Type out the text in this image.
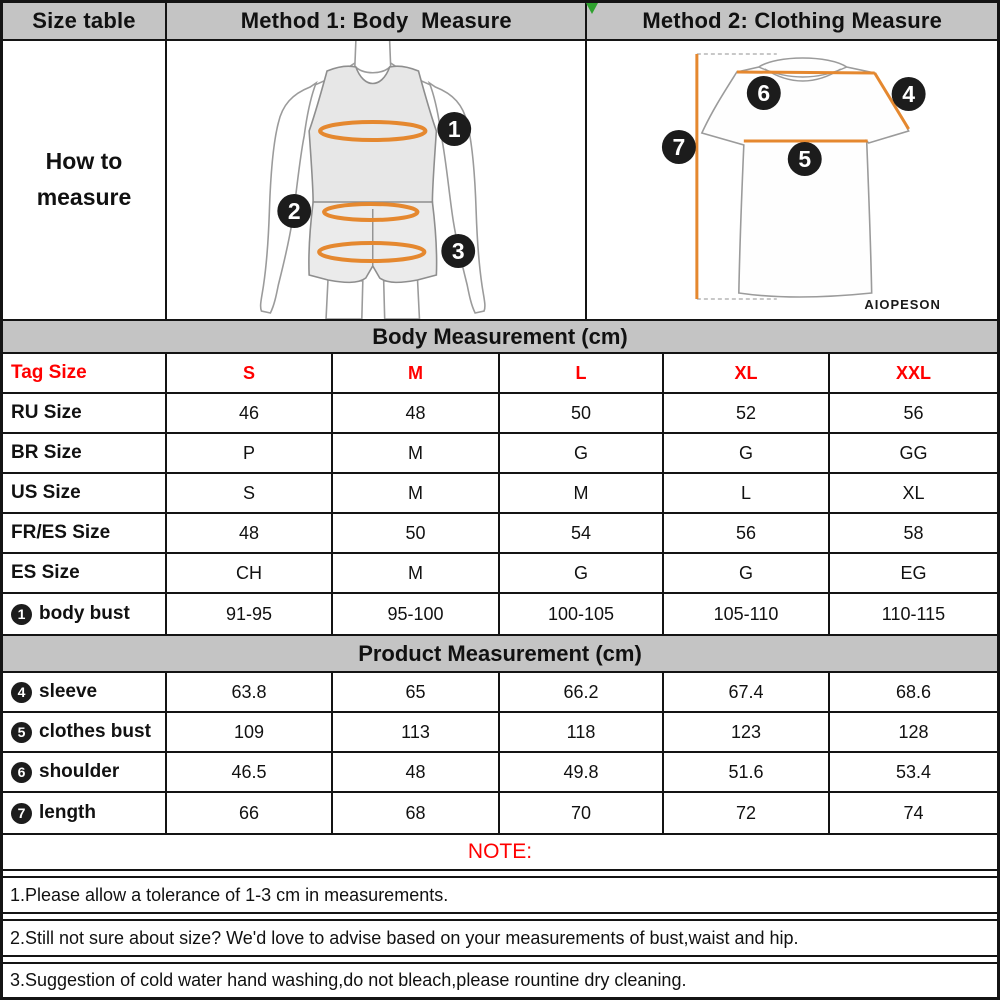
Size table	Method 1: Body  Measure	Method 2: Clothing Measure
How to measure
1
2
3
6	4
5
7
AIOPESON
Body Measurement (cm)
Tag Size	S	M	L	XL	XXL
RU Size	46	48	50	52	56
BR Size	P	M	G	G	GG
US Size	S	M	M	L	XL
FR/ES Size	48	50	54	56	58
ES Size	CH	M	G	G	EG
1 body bust	91-95	95-100	100-105	105-110	110-115
Product Measurement (cm)
4 sleeve	63.8	65	66.2	67.4	68.6
5 clothes bust	109	113	118	123	128
6 shoulder	46.5	48	49.8	51.6	53.4
7 length	66	68	70	72	74
NOTE:
1.Please allow a tolerance of 1-3 cm in measurements.
2.Still not sure about size? We'd love to advise based on your measurements of bust,waist and hip.
3.Suggestion of cold water hand washing,do not bleach,please rountine dry cleaning.
